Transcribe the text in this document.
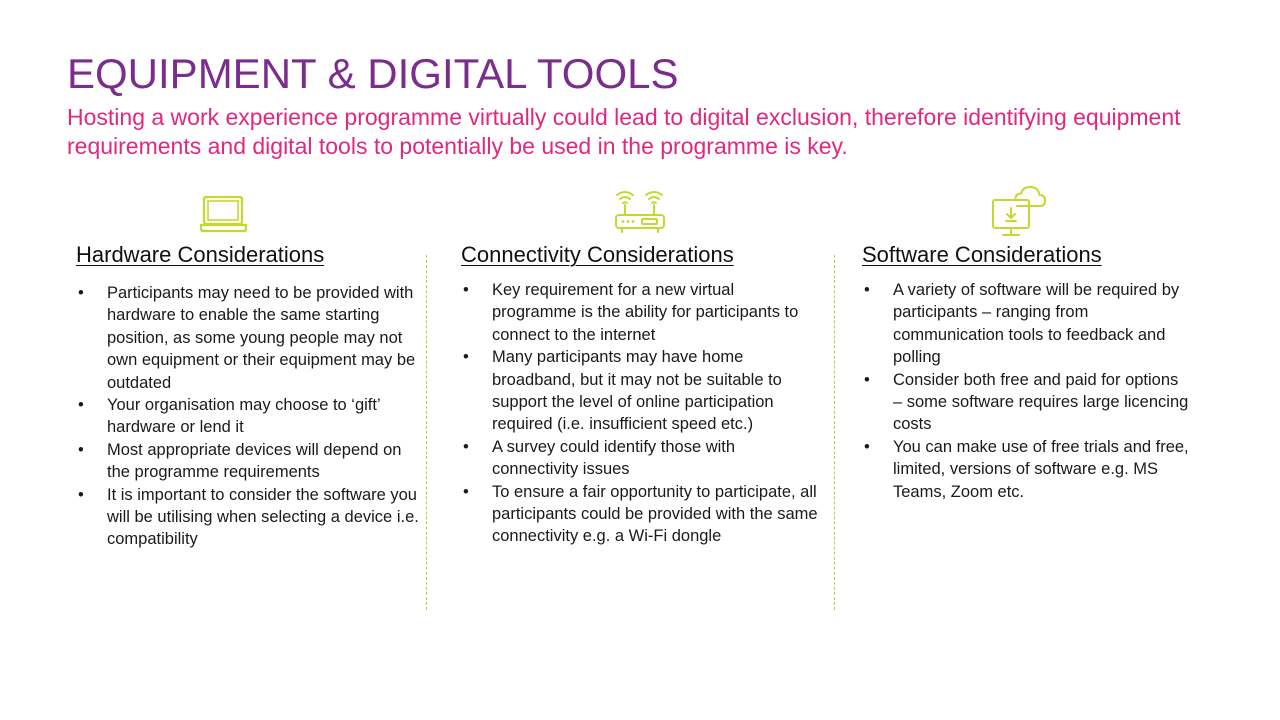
EQUIPMENT & DIGITAL TOOLS

Hosting a work experience programme virtually could lead to digital exclusion, therefore identifying equipment requirements and digital tools to potentially be used in the programme is key.

Hardware Considerations
• Participants may need to be provided with hardware to enable the same starting position, as some young people may not own equipment or their equipment may be outdated
• Your organisation may choose to ‘gift’ hardware or lend it
• Most appropriate devices will depend on the programme requirements
• It is important to consider the software you will be utilising when selecting a device i.e. compatibility
Connectivity Considerations
• Key requirement for a new virtual programme is the ability for participants to connect to the internet
• Many participants may have home broadband, but it may not be suitable to support the level of online participation required (i.e. insufficient speed etc.)
• A survey could identify those with connectivity issues
• To ensure a fair opportunity to participate, all participants could be provided with the same connectivity e.g. a Wi-Fi dongle
Software Considerations
• A variety of software will be required by participants – ranging from communication tools to feedback and polling
• Consider both free and paid for options – some software requires large licencing costs
• You can make use of free trials and free, limited, versions of software e.g. MS Teams, Zoom etc.
